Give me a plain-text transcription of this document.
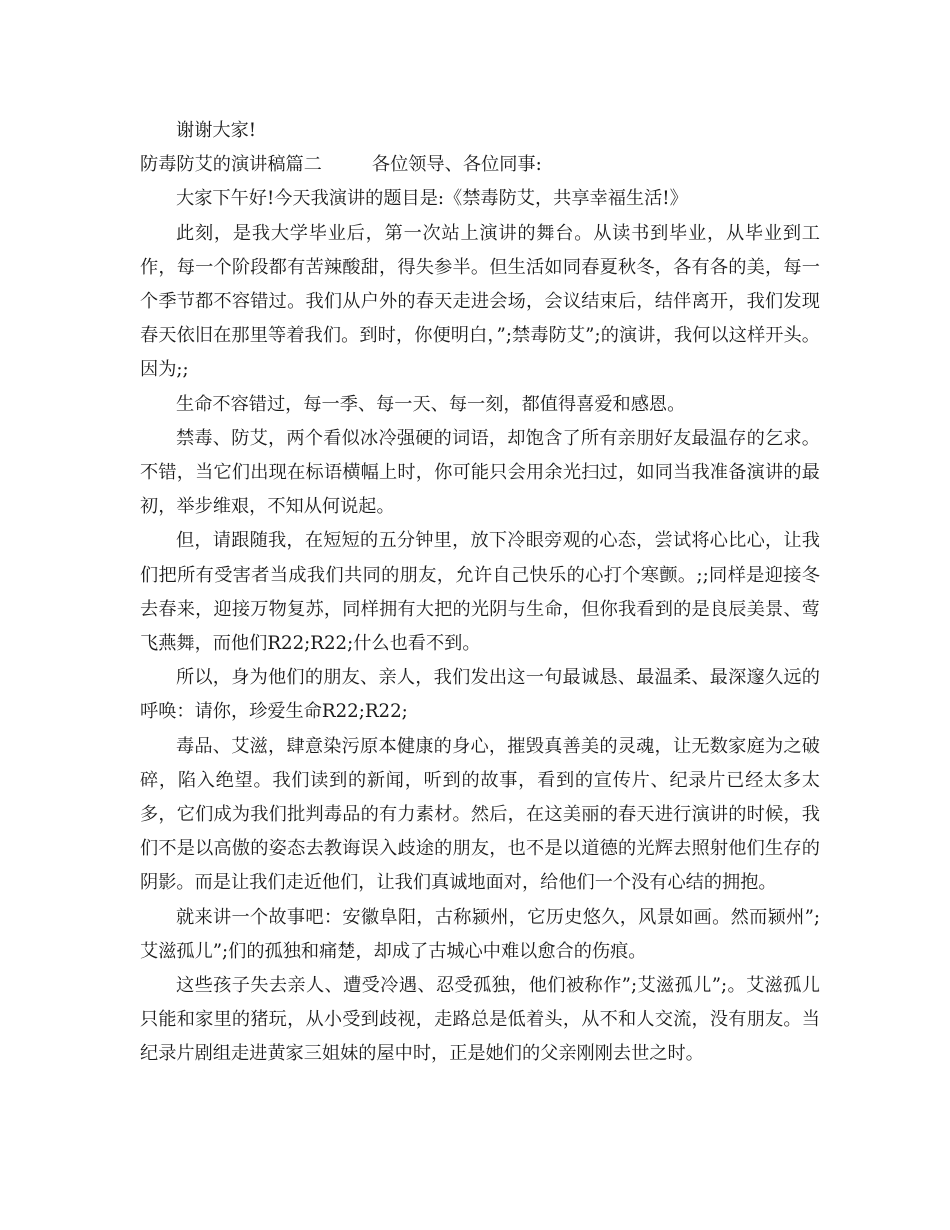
谢谢大家!

防毒防艾的演讲稿篇二	各位领导、各位同事:

大家下午好!今天我演讲的题目是:《禁毒防艾，共享幸福生活!》

此刻，是我大学毕业后，第一次站上演讲的舞台。从读书到毕业，从毕业到工作，每一个阶段都有苦辣酸甜，得失参半。但生活如同春夏秋冬，各有各的美，每一个季节都不容错过。我们从户外的春天走进会场，会议结束后，结伴离开，我们发现春天依旧在那里等着我们。到时，你便明白，”;禁毒防艾”;的演讲，我何以这样开头。因为;;

生命不容错过，每一季、每一天、每一刻，都值得喜爱和感恩。

禁毒、防艾，两个看似冰冷强硬的词语，却饱含了所有亲朋好友最温存的乞求。不错，当它们出现在标语横幅上时，你可能只会用余光扫过，如同当我准备演讲的最初，举步维艰，不知从何说起。

但，请跟随我，在短短的五分钟里，放下冷眼旁观的心态，尝试将心比心，让我们把所有受害者当成我们共同的朋友，允许自己快乐的心打个寒颤。;;同样是迎接冬去春来，迎接万物复苏，同样拥有大把的光阴与生命，但你我看到的是良辰美景、莺飞燕舞，而他们R22;R22;什么也看不到。

所以，身为他们的朋友、亲人，我们发出这一句最诚恳、最温柔、最深邃久远的呼唤：请你，珍爱生命R22;R22;

毒品、艾滋，肆意染污原本健康的身心，摧毁真善美的灵魂，让无数家庭为之破碎，陷入绝望。我们读到的新闻，听到的故事，看到的宣传片、纪录片已经太多太多，它们成为我们批判毒品的有力素材。然后，在这美丽的春天进行演讲的时候，我们不是以高傲的姿态去教诲误入歧途的朋友，也不是以道德的光辉去照射他们生存的阴影。而是让我们走近他们，让我们真诚地面对，给他们一个没有心结的拥抱。

就来讲一个故事吧：安徽阜阳，古称颍州，它历史悠久，风景如画。然而颍州”;艾滋孤儿”;们的孤独和痛楚，却成了古城心中难以愈合的伤痕。

这些孩子失去亲人、遭受冷遇、忍受孤独，他们被称作”;艾滋孤儿”;。艾滋孤儿只能和家里的猪玩，从小受到歧视，走路总是低着头，从不和人交流，没有朋友。当纪录片剧组走进黄家三姐妹的屋中时，正是她们的父亲刚刚去世之时。
